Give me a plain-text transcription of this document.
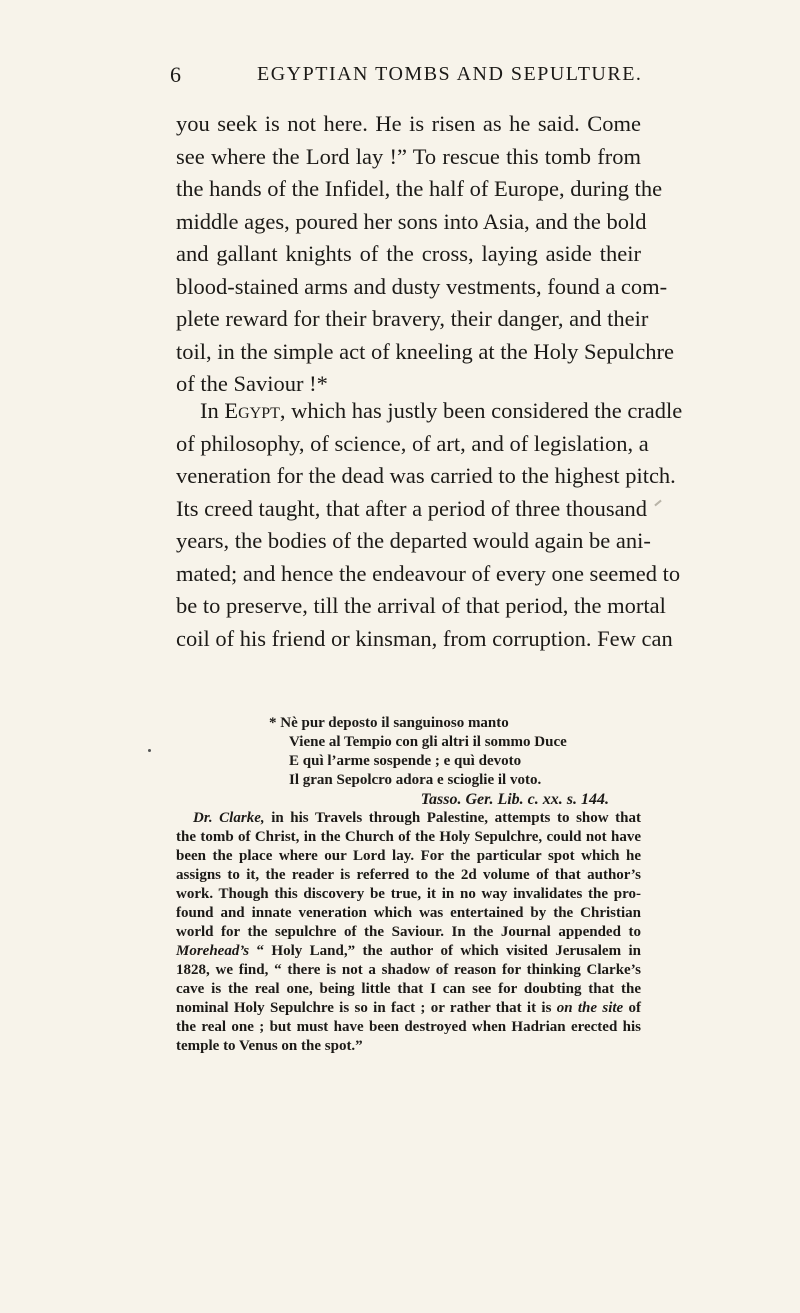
6	EGYPTIAN TOMBS AND SEPULTURE.
you seek is not here. He is risen as he said. Come
see where the Lord lay !” To rescue this tomb from
the hands of the Infidel, the half of Europe, during the
middle ages, poured her sons into Asia, and the bold
and gallant knights of the cross, laying aside their
blood-stained arms and dusty vestments, found a com-
plete reward for their bravery, their danger, and their
toil, in the simple act of kneeling at the Holy Sepulchre
of the Saviour !*
In Egypt, which has justly been considered the cradle
of philosophy, of science, of art, and of legislation, a
veneration for the dead was carried to the highest pitch.
Its creed taught, that after a period of three thousand
years, the bodies of the departed would again be ani-
mated; and hence the endeavour of every one seemed to
be to preserve, till the arrival of that period, the mortal
coil of his friend or kinsman, from corruption. Few can
* Nè pur deposto il sanguinoso manto
Viene al Tempio con gli altri il sommo Duce
E quì l’arme sospende ; e quì devoto
Il gran Sepolcro adora e scioglie il voto.
Tasso. Ger. Lib. c. xx. s. 144.
Dr. Clarke, in his Travels through Palestine, attempts to show that
the tomb of Christ, in the Church of the Holy Sepulchre, could not have
been the place where our Lord lay. For the particular spot which he
assigns to it, the reader is referred to the 2d volume of that author’s
work. Though this discovery be true, it in no way invalidates the pro-
found and innate veneration which was entertained by the Christian
world for the sepulchre of the Saviour. In the Journal appended to
Morehead’s “ Holy Land,” the author of which visited Jerusalem in
1828, we find, “ there is not a shadow of reason for thinking Clarke’s
cave is the real one, being little that I can see for doubting that the
nominal Holy Sepulchre is so in fact ; or rather that it is on the site of
the real one ; but must have been destroyed when Hadrian erected his
temple to Venus on the spot.”
